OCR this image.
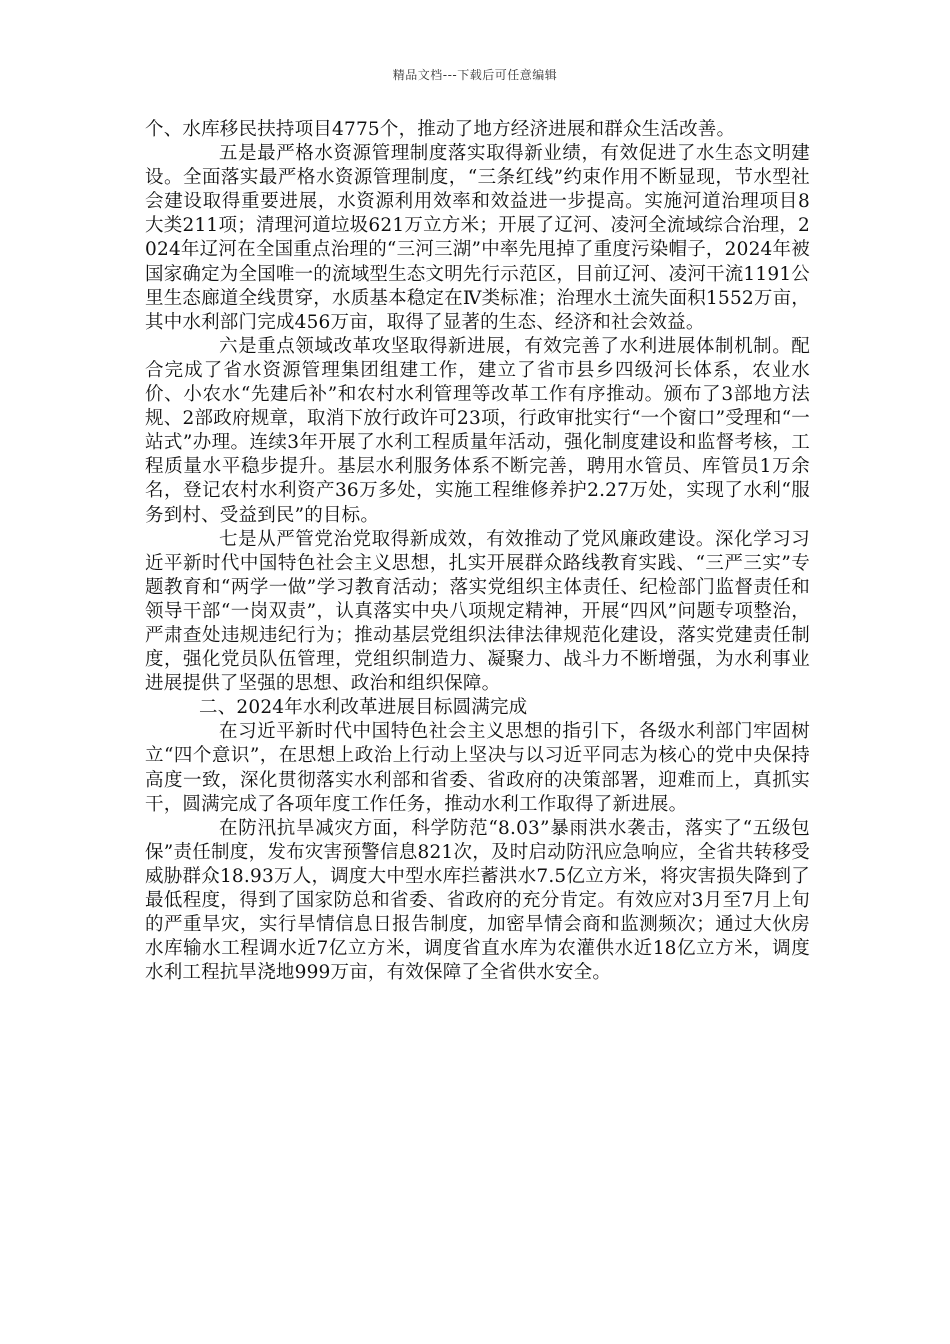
精品文档---下载后可任意编辑

个、水库移民扶持项目4775个，推动了地方经济进展和群众生活改善。

五是最严格水资源管理制度落实取得新业绩，有效促进了水生态文明建设。全面落实最严格水资源管理制度，“三条红线”约束作用不断显现，节水型社会建设取得重要进展，水资源利用效率和效益进一步提高。实施河道治理项目8大类211项；清理河道垃圾621万立方米；开展了辽河、凌河全流域综合治理，2024年辽河在全国重点治理的“三河三湖”中率先甩掉了重度污染帽子，2024年被国家确定为全国唯一的流域型生态文明先行示范区，目前辽河、凌河干流1191公里生态廊道全线贯穿，水质基本稳定在Ⅳ类标准；治理水土流失面积1552万亩，其中水利部门完成456万亩，取得了显著的生态、经济和社会效益。

六是重点领域改革攻坚取得新进展，有效完善了水利进展体制机制。配合完成了省水资源管理集团组建工作，建立了省市县乡四级河长体系，农业水价、小农水“先建后补”和农村水利管理等改革工作有序推动。颁布了3部地方法规、2部政府规章，取消下放行政许可23项，行政审批实行“一个窗口”受理和“一站式”办理。连续3年开展了水利工程质量年活动，强化制度建设和监督考核，工程质量水平稳步提升。基层水利服务体系不断完善，聘用水管员、库管员1万余名，登记农村水利资产36万多处，实施工程维修养护2.27万处，实现了水利“服务到村、受益到民”的目标。

七是从严管党治党取得新成效，有效推动了党风廉政建设。深化学习习近平新时代中国特色社会主义思想，扎实开展群众路线教育实践、“三严三实”专题教育和“两学一做”学习教育活动；落实党组织主体责任、纪检部门监督责任和领导干部“一岗双责”，认真落实中央八项规定精神，开展“四风”问题专项整治，严肃查处违规违纪行为；推动基层党组织法律法律规范化建设，落实党建责任制度，强化党员队伍管理，党组织制造力、凝聚力、战斗力不断增强，为水利事业进展提供了坚强的思想、政治和组织保障。

二、2024年水利改革进展目标圆满完成

在习近平新时代中国特色社会主义思想的指引下，各级水利部门牢固树立“四个意识”，在思想上政治上行动上坚决与以习近平同志为核心的党中央保持高度一致，深化贯彻落实水利部和省委、省政府的决策部署，迎难而上，真抓实干，圆满完成了各项年度工作任务，推动水利工作取得了新进展。

在防汛抗旱减灾方面，科学防范“8.03”暴雨洪水袭击，落实了“五级包保”责任制度，发布灾害预警信息821次，及时启动防汛应急响应，全省共转移受威胁群众18.93万人，调度大中型水库拦蓄洪水7.5亿立方米，将灾害损失降到了最低程度，得到了国家防总和省委、省政府的充分肯定。有效应对3月至7月上旬的严重旱灾，实行旱情信息日报告制度，加密旱情会商和监测频次；通过大伙房水库输水工程调水近7亿立方米，调度省直水库为农灌供水近18亿立方米，调度水利工程抗旱浇地999万亩，有效保障了全省供水安全。
